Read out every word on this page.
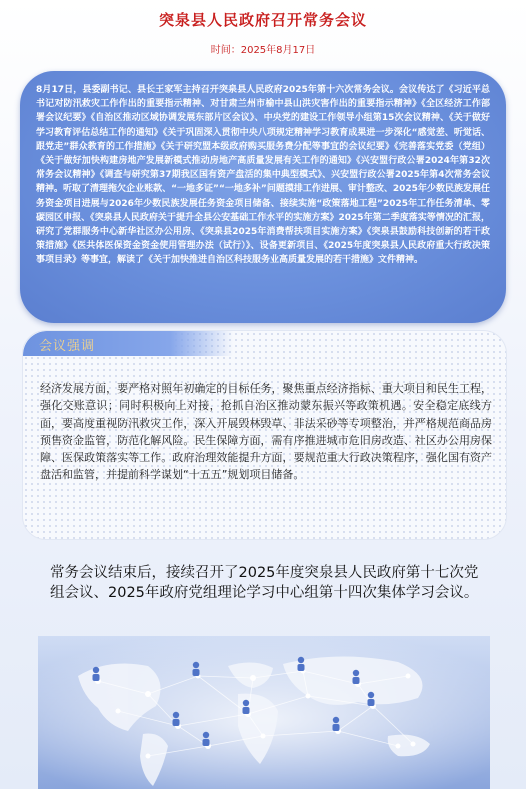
突泉县人民政府召开常务会议
时间：2025年8月17日
8月17日，县委副书记、县长王家军主持召开突泉县人民政府2025年第十六次常务会议。会议传达了《习近平总书记对防汛救灾工作作出的重要指示精神、对甘肃兰州市榆中县山洪灾害作出的重要指示精神》《全区经济工作部署会议纪要》《自治区推动区域协调发展东部片区会议》、中央党的建设工作领导小组第15次会议精神、《关于做好学习教育评估总结工作的通知》《关于巩固深入贯彻中央八项规定精神学习教育成果进一步深化“感觉差、听觉话、跟党走”群众教育的工作措施》《关于研究盟本级政府购买服务费分配等事宜的会议纪要》《完善落实党委（党组）《关于做好加快构建房地产发展新模式推动房地产高质量发展有关工作的通知》《兴安盟行政公署2024年第32次常务会议精神》《调查与研究第37期我区国有资产盘活的集中典型模式》、兴安盟行政公署2025年第4次常务会议精神。听取了清理拖欠企业账款、“一地多证”“一地多补”问题摸排工作进展、审计整改、2025年少数民族发展任务资金项目进展与2026年少数民族发展任务资金项目储备、接续实施“政策落地工程”2025年工作任务清单、零碳园区申报、《突泉县人民政府关于提升全县公安基础工作水平的实施方案》2025年第二季度落实等情况的汇报，研究了党群服务中心新华社区办公用房、《突泉县2025年消费帮扶项目实施方案》《突泉县鼓励科技创新的若干政策措施》《医共体医保资金资金使用管理办法（试行）》、设备更新项目、《2025年度突泉县人民政府重大行政决策事项目录》等事宜，解读了《关于加快推进自治区科技服务业高质量发展的若干措施》文件精神。
会议强调
经济发展方面，要严格对照年初确定的目标任务，聚焦重点经济指标、重大项目和民生工程，强化交账意识；同时积极向上对接，抢抓自治区推动蒙东振兴等政策机遇。安全稳定底线方面，要高度重视防汛救灾工作，深入开展毁林毁草、非法采砂等专项整治，并严格规范商品房预售资金监管，防范化解风险。民生保障方面，需有序推进城市危旧房改造、社区办公用房保障、医保政策落实等工作。政府治理效能提升方面，要规范重大行政决策程序，强化国有资产盘活和监管，并提前科学谋划“十五五”规划项目储备。
常务会议结束后，接续召开了2025年度突泉县人民政府第十七次党组会议、2025年政府党组理论学习中心组第十四次集体学习会议。
